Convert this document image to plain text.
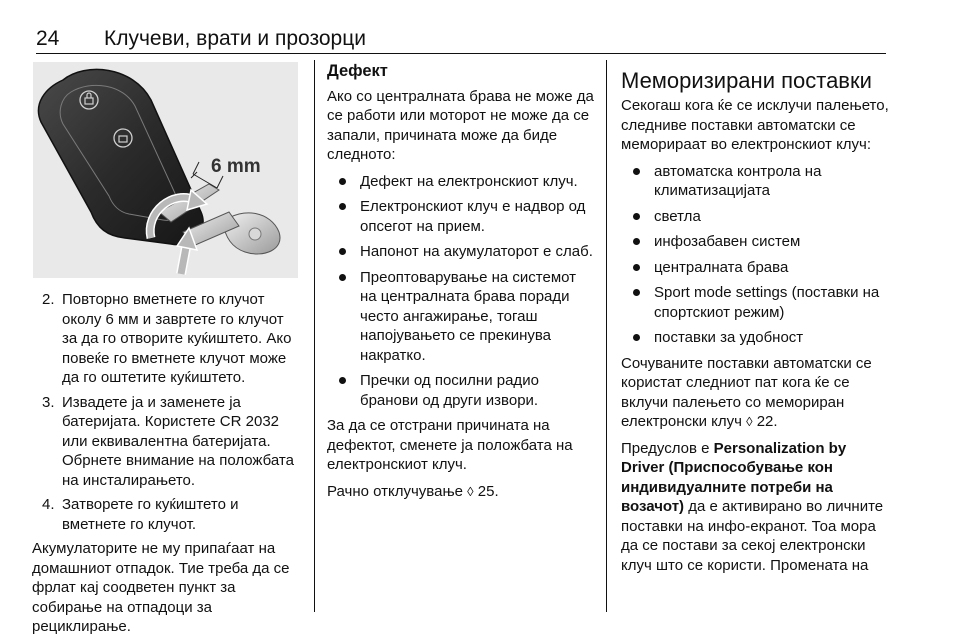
24 Клучеви, врати и прозорци
6 mm
2. Повторно вметнете го клучот околу 6 мм и завртете го клучот за да го отворите куќиштето. Ако повеќе го вметнете клучот може да го оштетите куќиштето.
3. Извадете ја и заменете ја батеријата. Користете CR 2032 или еквивалентна батеријата. Обрнете внимание на положбата на инсталирањето.
4. Затворете го куќиштето и вметнете го клучот.

Акумулаторите не му припаѓаат на домашниот отпадок. Тие треба да се фрлат кај соодветен пункт за собирање на отпадоци за рециклирање.

Дефект

Ако со централната брава не може да се работи или моторот не може да се запали, причината може да биде следното:

Дефект на електронскиот клуч.
Електронскиот клуч е надвор од опсегот на прием.
Напонот на акумулаторот е слаб.
Преоптоварување на системот на централната брава поради често ангажирање, тогаш напојувањето се прекинува накратко.
Пречки од посилни радио бранови од други извори.

За да се отстрани причината на дефектот, сменете ја положбата на електронскиот клуч.

Рачно отклучување ◊ 25.

Меморизирани поставки

Секогаш кога ќе се исклучи палењето, следниве поставки автоматски се меморираат во електронскиот клуч:

автоматска контрола на климатизацијата
светла
инфозабавен систем
централната брава
Sport mode settings (поставки на спортскиот режим)
поставки за удобност

Сочуваните поставки автоматски се користат следниот пат кога ќе се вклучи палењето со мемориран електронски клуч ◊ 22.

Предуслов е Personalization by Driver (Приспособување кон индивидуалните потреби на возачот) да е активирано во личните поставки на инфо-екранот. Тоа мора да се постави за секој електронски клуч што се користи. Промената на
